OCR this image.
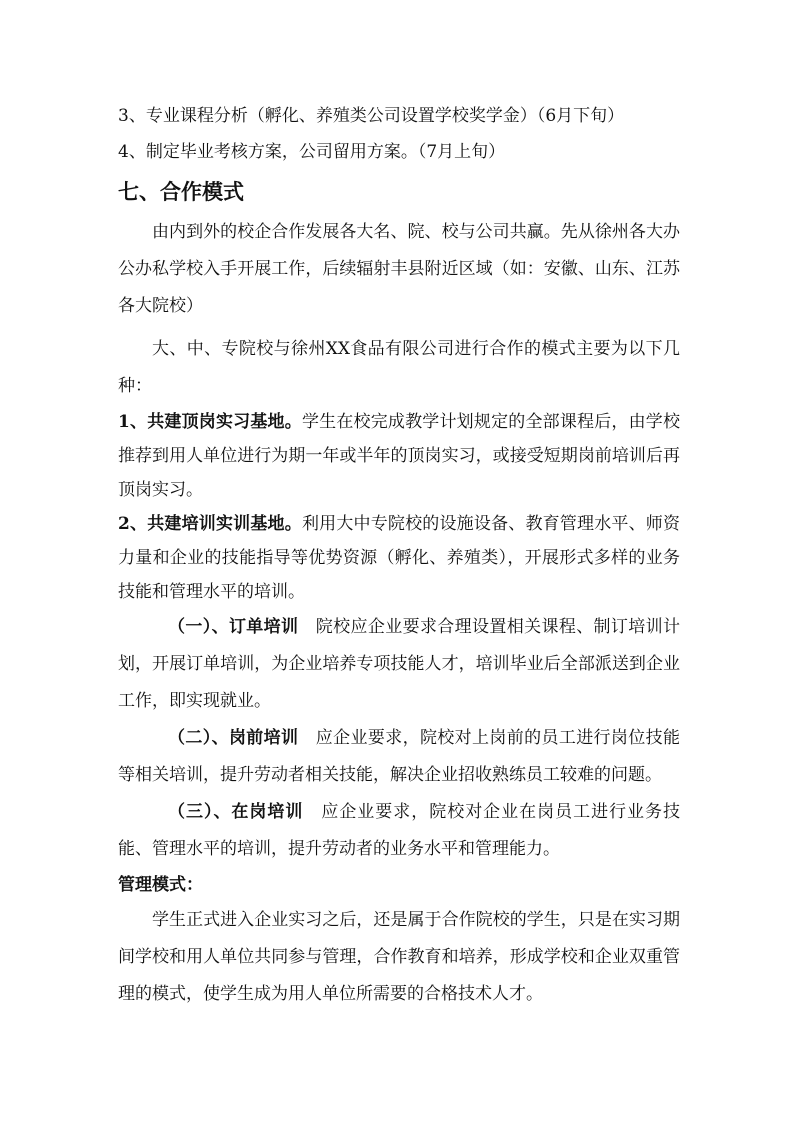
3、专业课程分析（孵化、养殖类公司设置学校奖学金）（6月下旬）

4、制定毕业考核方案，公司留用方案。（7月上旬）

七、合作模式

由内到外的校企合作发展各大名、院、校与公司共赢。先从徐州各大办公办私学校入手开展工作，后续辐射丰县附近区域（如：安徽、山东、江苏各大院校）

大、中、专院校与徐州XX食品有限公司进行合作的模式主要为以下几种：

1、共建顶岗实习基地。学生在校完成教学计划规定的全部课程后，由学校推荐到用人单位进行为期一年或半年的顶岗实习，或接受短期岗前培训后再顶岗实习。

2、共建培训实训基地。利用大中专院校的设施设备、教育管理水平、师资力量和企业的技能指导等优势资源（孵化、养殖类），开展形式多样的业务技能和管理水平的培训。

（一）、订单培训  院校应企业要求合理设置相关课程、制订培训计划，开展订单培训，为企业培养专项技能人才，培训毕业后全部派送到企业工作，即实现就业。

（二）、岗前培训  应企业要求，院校对上岗前的员工进行岗位技能等相关培训，提升劳动者相关技能，解决企业招收熟练员工较难的问题。

（三）、在岗培训  应企业要求，院校对企业在岗员工进行业务技能、管理水平的培训，提升劳动者的业务水平和管理能力。

管理模式：

学生正式进入企业实习之后，还是属于合作院校的学生，只是在实习期间学校和用人单位共同参与管理，合作教育和培养，形成学校和企业双重管理的模式，使学生成为用人单位所需要的合格技术人才。
